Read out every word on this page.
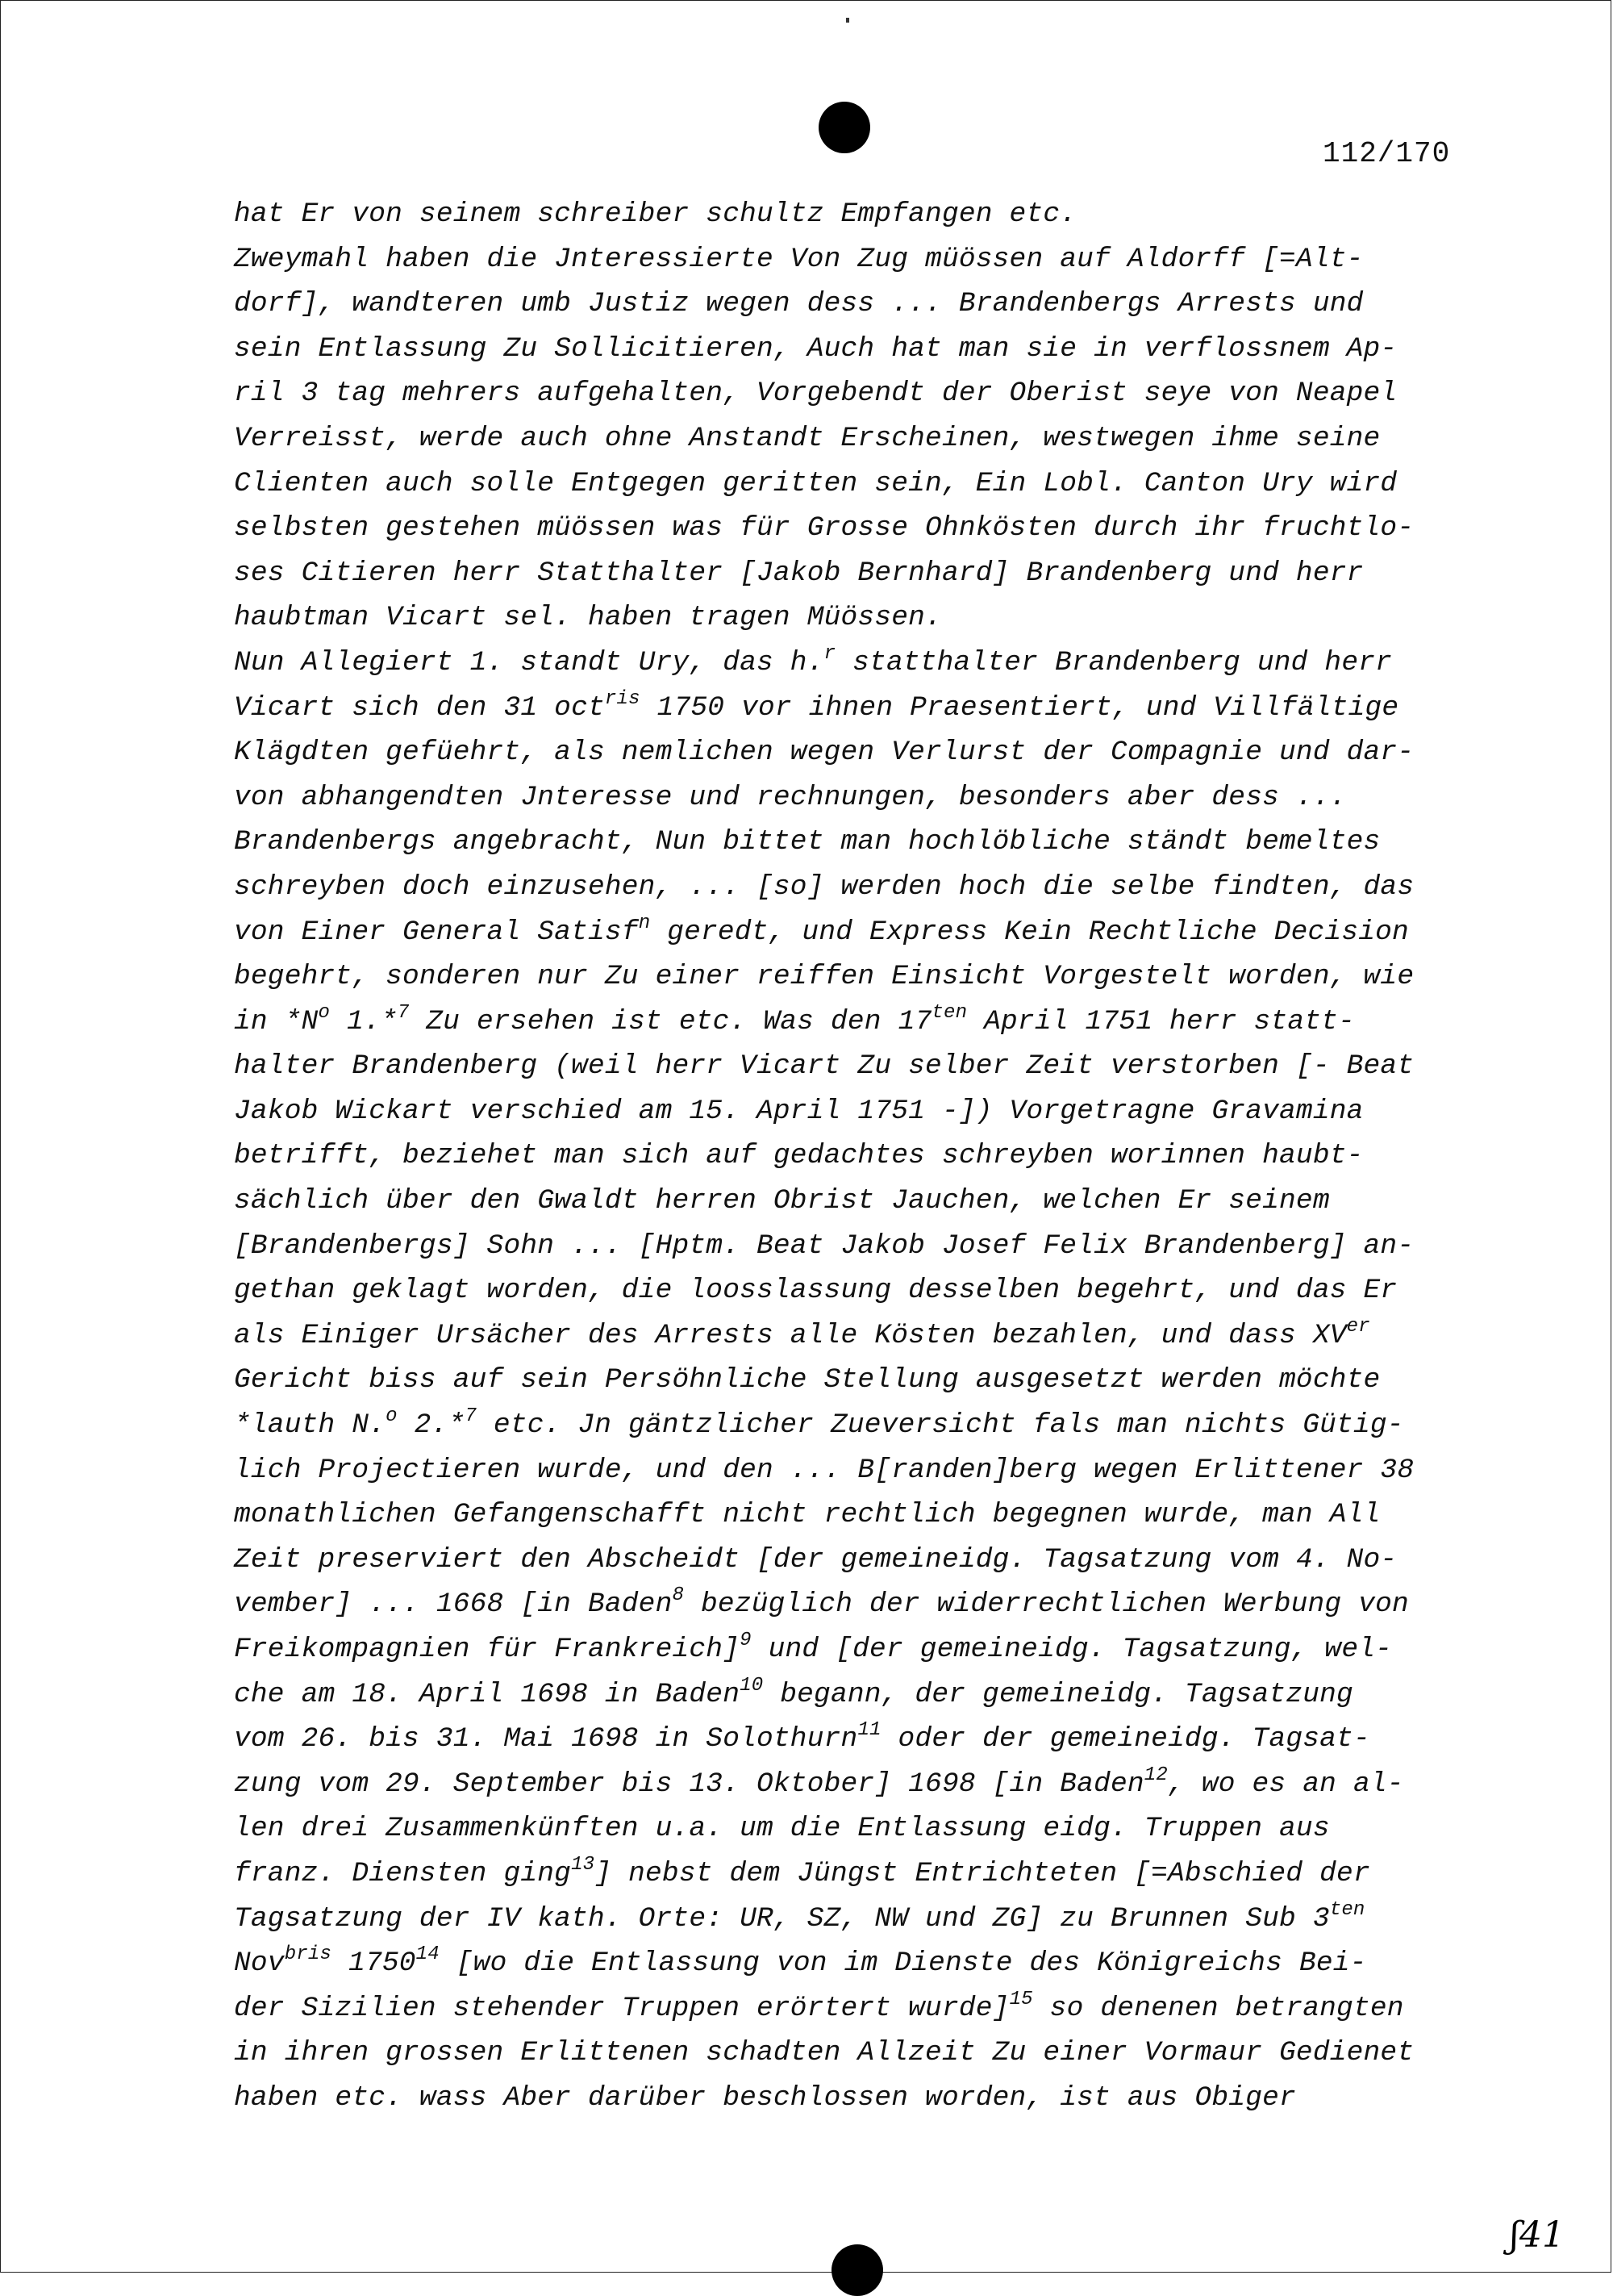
112/170
hat Er von seinem schreiber schultz Empfangen etc.
Zweymahl haben die Jnteressierte Von Zug müössen auf Aldorff [=Alt-
dorf], wandteren umb Justiz wegen dess ... Brandenbergs Arrests und
sein Entlassung Zu Sollicitieren, Auch hat man sie in verflossnem Ap-
ril 3 tag mehrers aufgehalten, Vorgebendt der Oberist seye von Neapel
Verreisst, werde auch ohne Anstandt Erscheinen, westwegen ihme seine
Clienten auch solle Entgegen geritten sein, Ein Lobl. Canton Ury wird
selbsten gestehen müössen was für Grosse Ohnkösten durch ihr fruchtlo-
ses Citieren herr Statthalter [Jakob Bernhard] Brandenberg und herr
haubtman Vicart sel. haben tragen Müössen.
Nun Allegiert 1. standt Ury, das h.$^r$ statthalter Brandenberg und herr
Vicart sich den 31 oct$^{ris}$ 1750 vor ihnen Praesentiert, und Villfältige
Klägdten gefüehrt, als nemlichen wegen Verlurst der Compagnie und dar-
von abhangendten Jnteresse und rechnungen, besonders aber dess ...
Brandenbergs angebracht, Nun bittet man hochlöbliche ständt bemeltes
schreyben doch einzusehen, ... [so] werden hoch die selbe findten, das
von Einer General Satisf$^n$ geredt, und Express Kein Rechtliche Decision
begehrt, sonderen nur Zu einer reiffen Einsicht Vorgestelt worden, wie
in $*N^o$ 1.*$^7$ Zu ersehen ist etc. Was den $17^{ten}$ April 1751 herr statt-
halter Brandenberg (weil herr Vicart Zu selber Zeit verstorben [- Beat
Jakob Wickart verschied am 15. April 1751 -]) Vorgetragne Gravamina
betrifft, beziehet man sich auf gedachtes schreyben worinnen haubt-
sächlich über den Gwaldt herren Obrist Jauchen, welchen Er seinem
[Brandenbergs] Sohn ... [Hptm. Beat Jakob Josef Felix Brandenberg] an-
gethan geklagt worden, die loosslassung desselben begehrt, und das Er
als Einiger Ursächer des Arrests alle Kösten bezahlen, und dass XVer
Gericht biss auf sein Persöhnliche Stellung ausgesetzt werden möchte
*lauth N.$^o$ 2.*$^7$ etc. Jn gäntzlicher Zueversicht fals man nichts Gütig-
lich Projectieren wurde, und den ... B[randen]berg wegen Erlittener 38
monathlichen Gefangenschafft nicht rechtlich begegnen wurde, man All
Zeit preserviert den Abscheidt [der gemeineidg. Tagsatzung vom 4. No-
vember] ... 1668 [in Baden$^8$ bezüglich der widerrechtlichen Werbung von
Freikompagnien für Frankreich]$^9$ und [der gemeineidg. Tagsatzung, wel-
che am 18. April 1698 in Baden$^{10}$ begann, der gemeineidg. Tagsatzung
vom 26. bis 31. Mai 1698 in Solothurn$^{11}$ oder der gemeineidg. Tagsat-
zung vom 29. September bis 13. Oktober] 1698 [in Baden$^{12}$, wo es an al-
len drei Zusammenkünften u.a. um die Entlassung eidg. Truppen aus
franz. Diensten ging$^{13}$] nebst dem Jüngst Entrichteten [=Abschied der
Tagsatzung der IV kath. Orte: UR, SZ, NW und ZG] zu Brunnen Sub $3^{ten}$
Nov$^{bris}$ 1750$^{14}$ [wo die Entlassung von im Dienste des Königreichs Bei-
der Sizilien stehender Truppen erörtert wurde]$^{15}$ so denenen betrangten
in ihren grossen Erlittenen schadten Allzeit Zu einer Vormaur Gedienet
haben etc. wass Aber darüber beschlossen worden, ist aus Obiger
ʃ41
